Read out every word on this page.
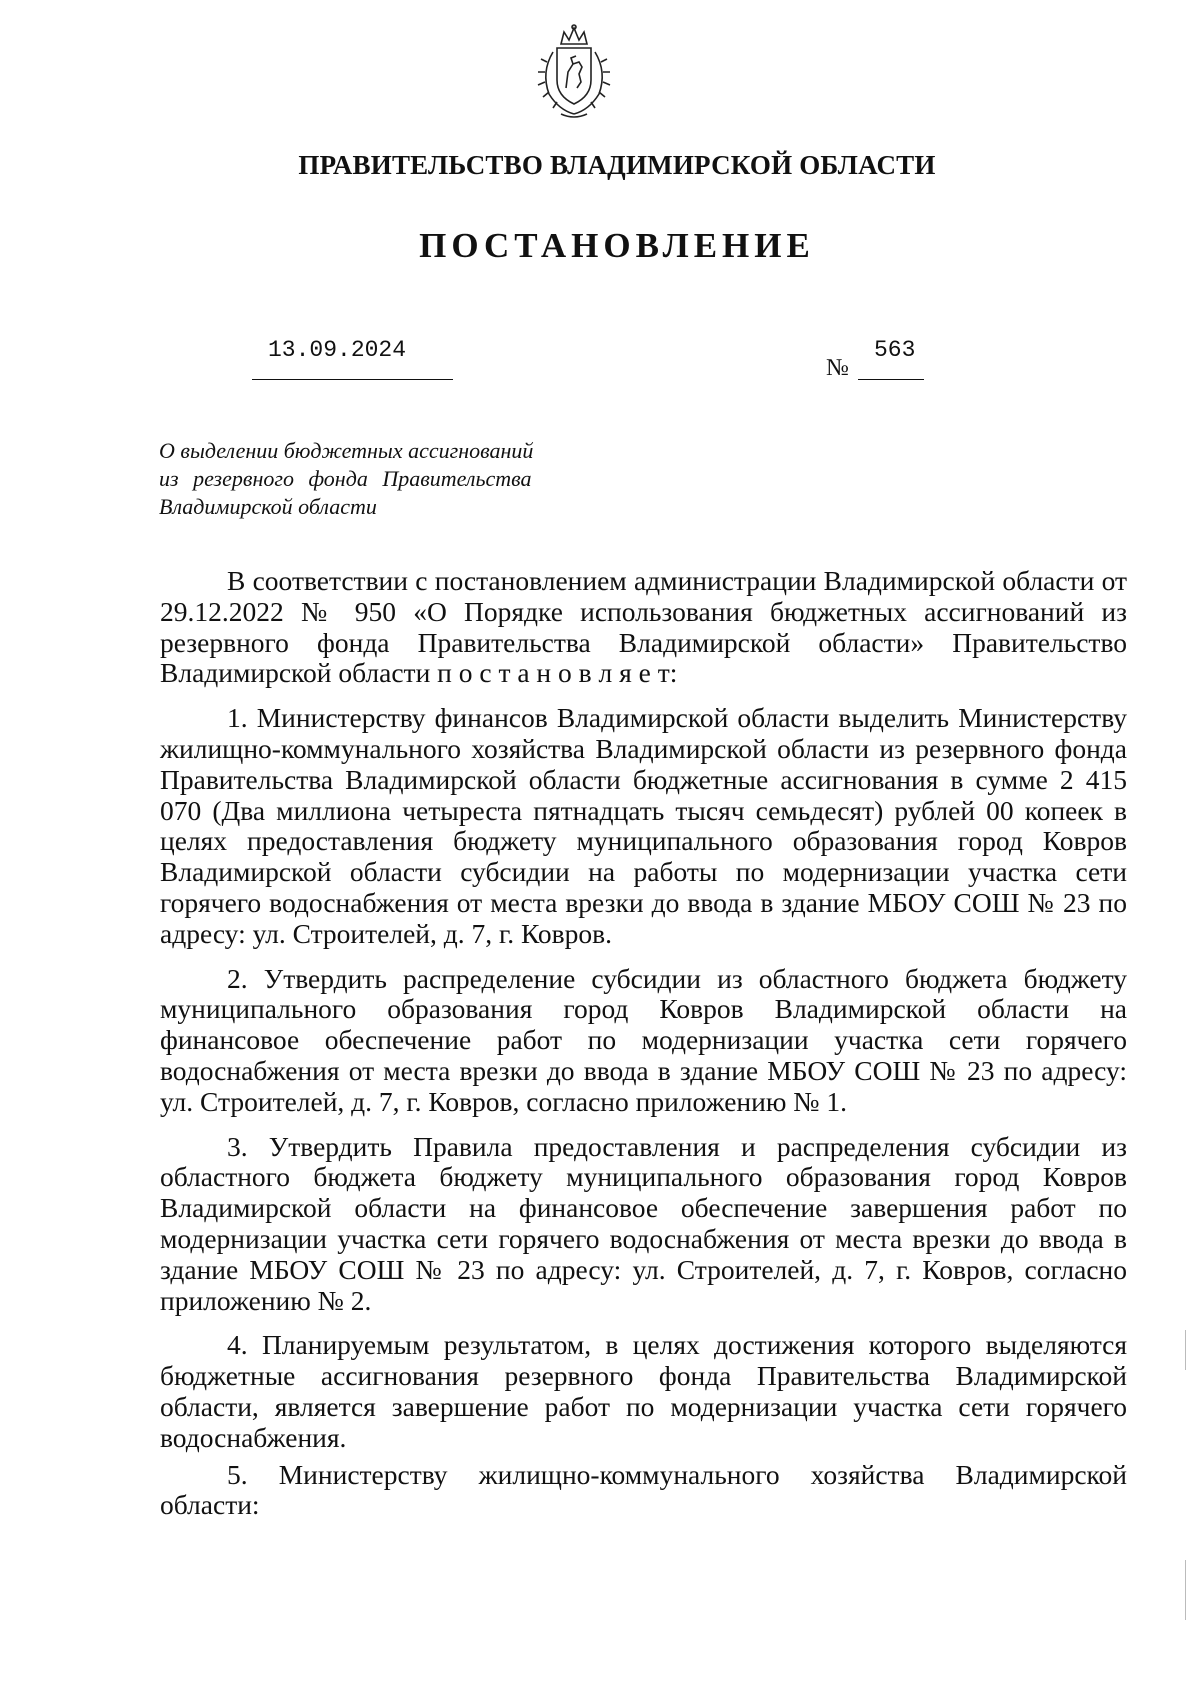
ПРАВИТЕЛЬСТВО ВЛАДИМИРСКОЙ ОБЛАСТИ
ПОСТАНОВЛЕНИЕ
13.09.2024
№
563
О выделении бюджетных ассигнований
из резервного фонда Правительства
Владимирской области

В соответствии с постановлением администрации Владимирской области от 29.12.2022 № 950 «О Порядке использования бюджетных ассигнований из резервного фонда Правительства Владимирской области» Правительство Владимирской области п о с т а н о в л я е т:

1. Министерству финансов Владимирской области выделить Министерству жилищно-коммунального хозяйства Владимирской области из резервного фонда Правительства Владимирской области бюджетные ассигнования в сумме 2 415 070 (Два миллиона четыреста пятнадцать тысяч семьдесят) рублей 00 копеек в целях предоставления бюджету муниципального образования город Ковров Владимирской области субсидии на работы по модернизации участка сети горячего водоснабжения от места врезки до ввода в здание МБОУ СОШ № 23 по адресу: ул. Строителей, д. 7, г. Ковров.

2. Утвердить распределение субсидии из областного бюджета бюджету муниципального образования город Ковров Владимирской области на финансовое обеспечение работ по модернизации участка сети горячего водоснабжения от места врезки до ввода в здание МБОУ СОШ № 23 по адресу: ул. Строителей, д. 7, г. Ковров, согласно приложению № 1.

3. Утвердить Правила предоставления и распределения субсидии из областного бюджета бюджету муниципального образования город Ковров Владимирской области на финансовое обеспечение завершения работ по модернизации участка сети горячего водоснабжения от места врезки до ввода в здание МБОУ СОШ № 23 по адресу: ул. Строителей, д. 7, г. Ковров, согласно приложению № 2.

4. Планируемым результатом, в целях достижения которого выделяются бюджетные ассигнования резервного фонда Правительства Владимирской области, является завершение работ по модернизации участка сети горячего водоснабжения.

5. Министерству жилищно-коммунального хозяйства Владимирской области:
